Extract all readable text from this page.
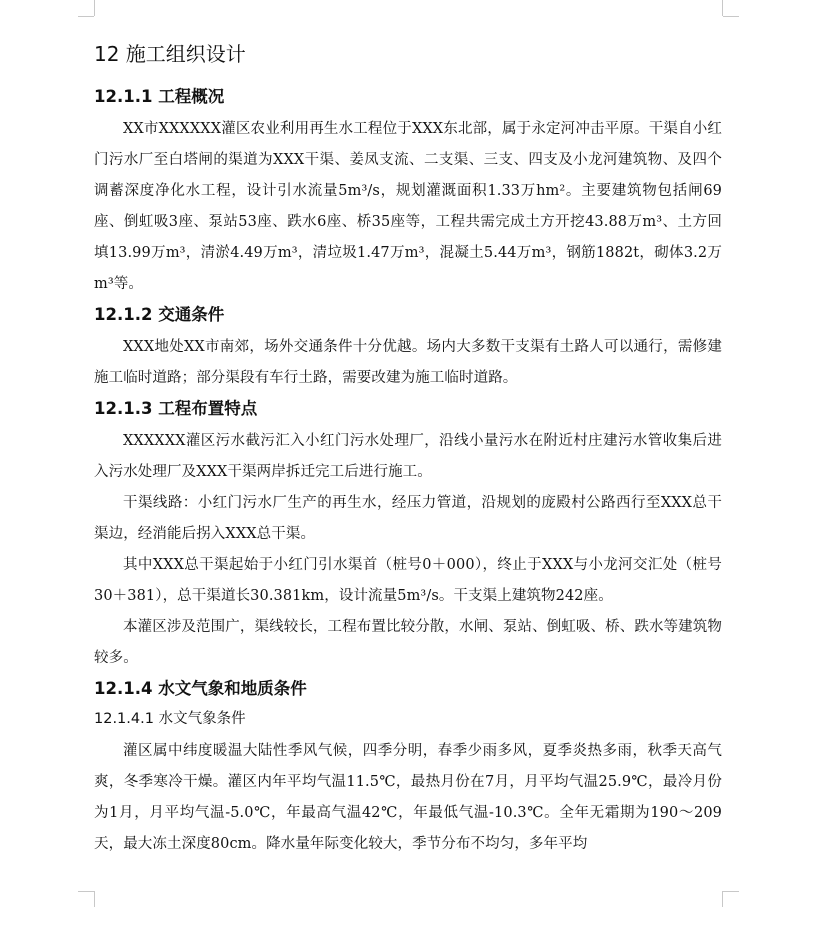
12 施工组织设计
12.1.1 工程概况

XX市XXXXXX灌区农业利用再生水工程位于XXX东北部，属于永定河冲击平原。干渠自小红门污水厂至白塔闸的渠道为XXX干渠、姜凤支流、二支渠、三支、四支及小龙河建筑物、及四个调蓄深度净化水工程，设计引水流量5m³/s，规划灌溉面积1.33万hm²。主要建筑物包括闸69座、倒虹吸3座、泵站53座、跌水6座、桥35座等，工程共需完成土方开挖43.88万m³、土方回填13.99万m³，清淤4.49万m³，清垃圾1.47万m³，混凝土5.44万m³，钢筋1882t，砌体3.2万m³等。

12.1.2 交通条件

XXX地处XX市南郊，场外交通条件十分优越。场内大多数干支渠有土路人可以通行，需修建施工临时道路；部分渠段有车行土路，需要改建为施工临时道路。

12.1.3 工程布置特点

XXXXXX灌区污水截污汇入小红门污水处理厂，沿线小量污水在附近村庄建污水管收集后进入污水处理厂及XXX干渠两岸拆迁完工后进行施工。

干渠线路：小红门污水厂生产的再生水，经压力管道，沿规划的庞殿村公路西行至XXX总干渠边，经消能后拐入XXX总干渠。

其中XXX总干渠起始于小红门引水渠首（桩号0＋000），终止于XXX与小龙河交汇处（桩号30＋381），总干渠道长30.381km，设计流量5m³/s。干支渠上建筑物242座。

本灌区涉及范围广，渠线较长，工程布置比较分散，水闸、泵站、倒虹吸、桥、跌水等建筑物较多。

12.1.4 水文气象和地质条件
12.1.4.1 水文气象条件

灌区属中纬度暖温大陆性季风气候，四季分明，春季少雨多风，夏季炎热多雨，秋季天高气爽，冬季寒冷干燥。灌区内年平均气温11.5℃，最热月份在7月，月平均气温25.9℃，最冷月份为1月，月平均气温-5.0℃，年最高气温42℃，年最低气温-10.3℃。全年无霜期为190～209天，最大冻土深度80cm。降水量年际变化较大，季节分布不均匀，多年平均
